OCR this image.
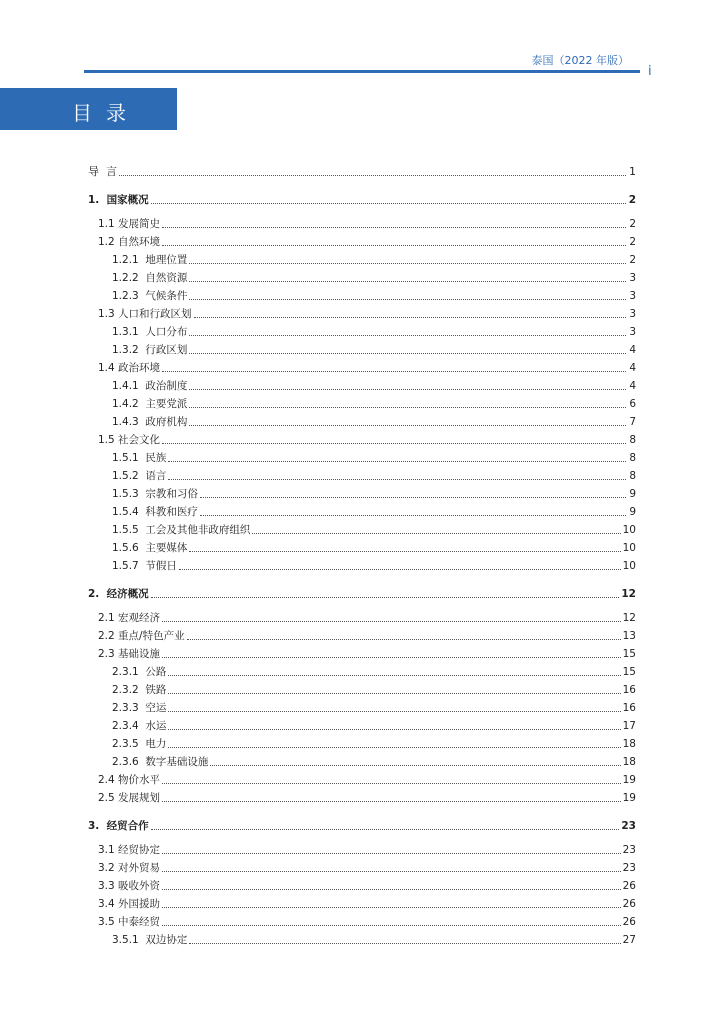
泰国（2022 年版）
i
目录
导  言	1
1.  国家概况	2
1.1 发展简史	2
1.2 自然环境	2
1.2.1  地理位置	2
1.2.2  自然资源	3
1.2.3  气候条件	3
1.3 人口和行政区划	3
1.3.1  人口分布	3
1.3.2  行政区划	4
1.4 政治环境	4
1.4.1  政治制度	4
1.4.2  主要党派	6
1.4.3  政府机构	7
1.5 社会文化	8
1.5.1  民族	8
1.5.2  语言	8
1.5.3  宗教和习俗	9
1.5.4  科教和医疗	9
1.5.5  工会及其他非政府组织	10
1.5.6  主要媒体	10
1.5.7  节假日	10
2.  经济概况	12
2.1 宏观经济	12
2.2 重点/特色产业	13
2.3 基础设施	15
2.3.1  公路	15
2.3.2  铁路	16
2.3.3  空运	16
2.3.4  水运	17
2.3.5  电力	18
2.3.6  数字基础设施	18
2.4 物价水平	19
2.5 发展规划	19
3.  经贸合作	23
3.1 经贸协定	23
3.2 对外贸易	23
3.3 吸收外资	26
3.4 外国援助	26
3.5 中泰经贸	26
3.5.1  双边协定	27
